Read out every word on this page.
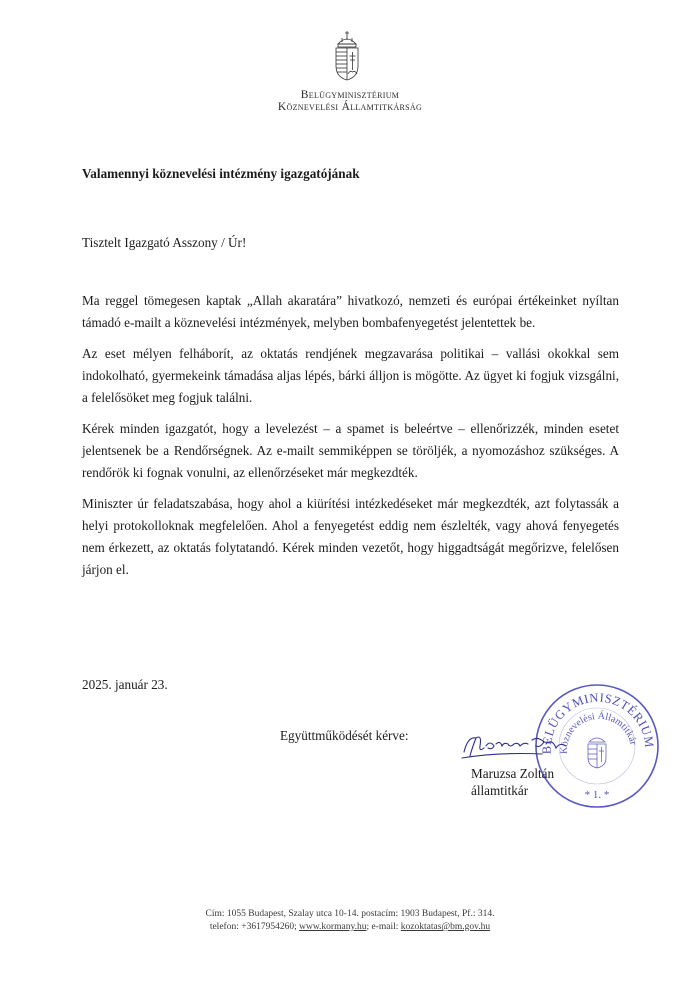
Belügyminisztérium
Köznevelési Államtitkárság
Valamennyi köznevelési intézmény igazgatójának
Tisztelt Igazgató Asszony / Úr!

Ma reggel tömegesen kaptak „Allah akaratára” hivatkozó, nemzeti és európai értékeinket nyíltan támadó e-mailt a köznevelési intézmények, melyben bombafenyegetést jelentettek be.

Az eset mélyen felháborít, az oktatás rendjének megzavarása politikai – vallási okokkal sem indokolható, gyermekeink támadása aljas lépés, bárki álljon is mögötte. Az ügyet ki fogjuk vizsgálni, a felelősöket meg fogjuk találni.

Kérek minden igazgatót, hogy a levelezést – a spamet is beleértve – ellenőrizzék, minden esetet jelentsenek be a Rendőrségnek. Az e-mailt semmiképpen se töröljék, a nyomozáshoz szükséges. A rendőrök ki fognak vonulni, az ellenőrzéseket már megkezdték.

Miniszter úr feladatszabása, hogy ahol a kiürítési intézkedéseket már megkezdték, azt folytassák a helyi protokolloknak megfelelően. Ahol a fenyegetést eddig nem észlelték, vagy ahová fenyegetés nem érkezett, az oktatás folytatandó. Kérek minden vezetőt, hogy higgadtságát megőrizve, felelősen járjon el.

2025. január 23.
Együttműködését kérve:
BELÜGYMINISZTÉRIUM
Köznevelési Államtitkár
* 1. *
Maruzsa Zoltán
államtitkár
Cím: 1055 Budapest, Szalay utca 10-14. postacím: 1903 Budapest, Pf.: 314.
telefon: +3617954260; www.kormany.hu; e-mail: kozoktatas@bm.gov.hu
